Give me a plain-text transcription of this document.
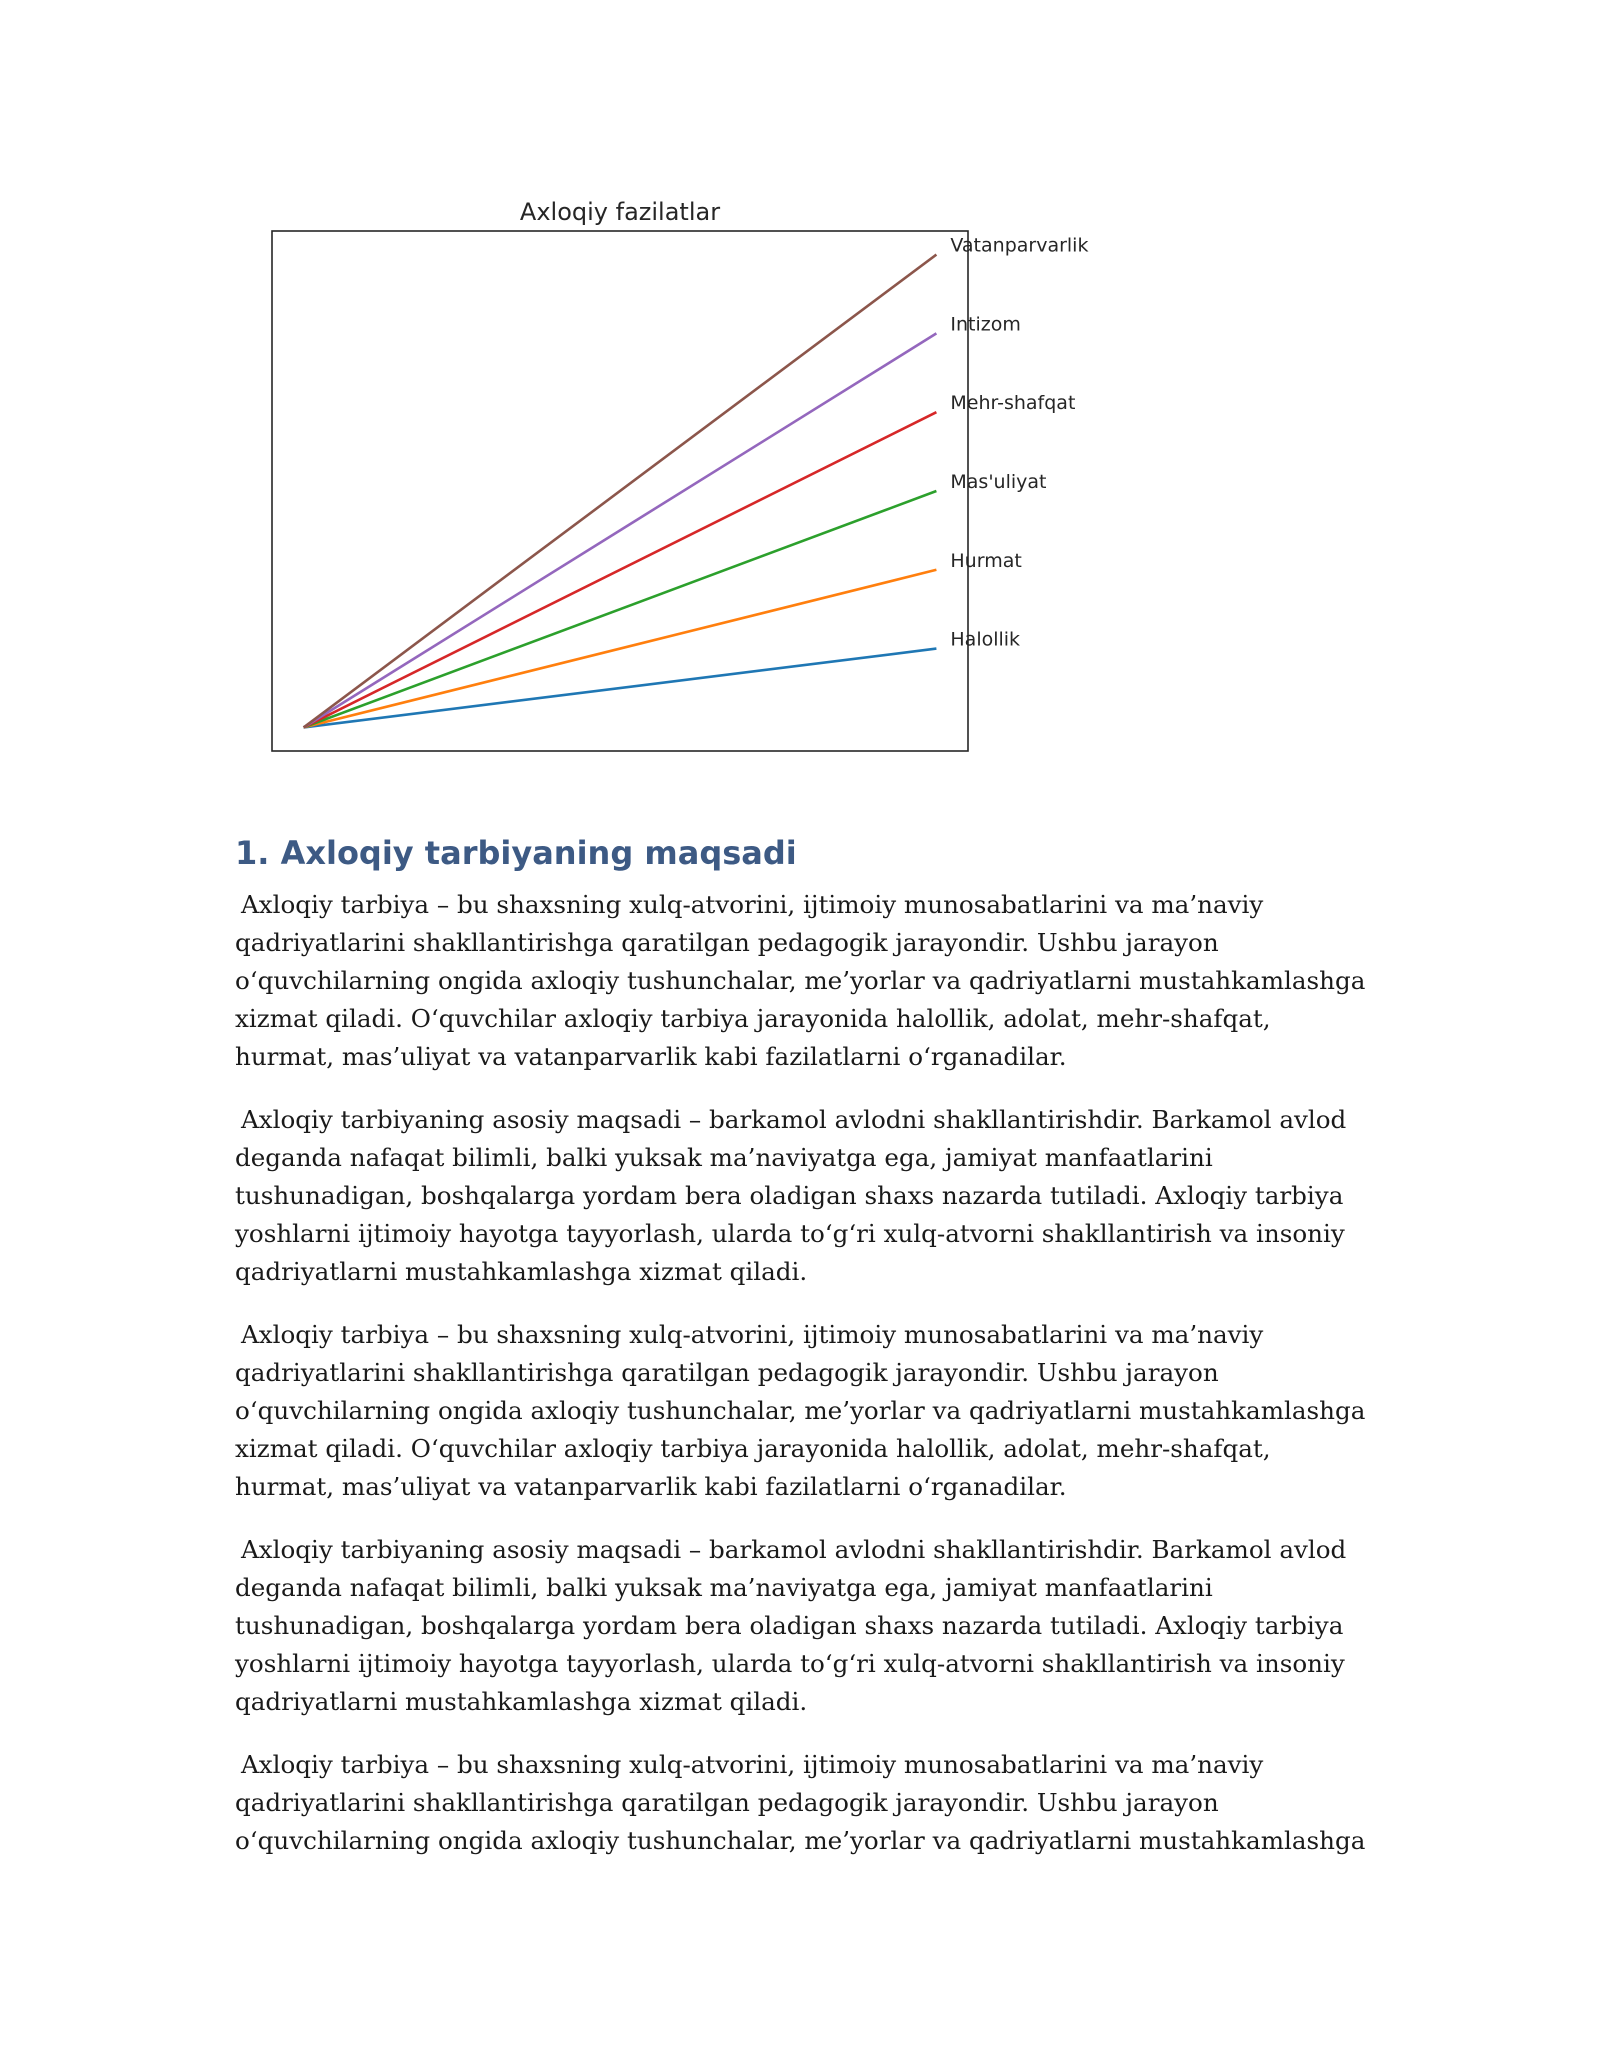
Axloqiy fazilatlar
Halollik
Hurmat
Mas'uliyat
Mehr-shafqat
Intizom
Vatanparvarlik
1. Axloqiy tarbiyaning maqsadi

Axloqiy tarbiya – bu shaxsning xulq-atvorini, ijtimoiy munosabatlarini va ma’naviy qadriyatlarini shakllantirishga qaratilgan pedagogik jarayondir. Ushbu jarayon o‘quvchilarning ongida axloqiy tushunchalar, me’yorlar va qadriyatlarni mustahkamlashga xizmat qiladi. O‘quvchilar axloqiy tarbiya jarayonida halollik, adolat, mehr-shafqat, hurmat, mas’uliyat va vatanparvarlik kabi fazilatlarni o‘rganadilar.

Axloqiy tarbiyaning asosiy maqsadi – barkamol avlodni shakllantirishdir. Barkamol avlod deganda nafaqat bilimli, balki yuksak ma’naviyatga ega, jamiyat manfaatlarini tushunadigan, boshqalarga yordam bera oladigan shaxs nazarda tutiladi. Axloqiy tarbiya yoshlarni ijtimoiy hayotga tayyorlash, ularda to‘g‘ri xulq-atvorni shakllantirish va insoniy qadriyatlarni mustahkamlashga xizmat qiladi.

Axloqiy tarbiya – bu shaxsning xulq-atvorini, ijtimoiy munosabatlarini va ma’naviy qadriyatlarini shakllantirishga qaratilgan pedagogik jarayondir. Ushbu jarayon o‘quvchilarning ongida axloqiy tushunchalar, me’yorlar va qadriyatlarni mustahkamlashga xizmat qiladi. O‘quvchilar axloqiy tarbiya jarayonida halollik, adolat, mehr-shafqat, hurmat, mas’uliyat va vatanparvarlik kabi fazilatlarni o‘rganadilar.

Axloqiy tarbiyaning asosiy maqsadi – barkamol avlodni shakllantirishdir. Barkamol avlod deganda nafaqat bilimli, balki yuksak ma’naviyatga ega, jamiyat manfaatlarini tushunadigan, boshqalarga yordam bera oladigan shaxs nazarda tutiladi. Axloqiy tarbiya yoshlarni ijtimoiy hayotga tayyorlash, ularda to‘g‘ri xulq-atvorni shakllantirish va insoniy qadriyatlarni mustahkamlashga xizmat qiladi.

Axloqiy tarbiya – bu shaxsning xulq-atvorini, ijtimoiy munosabatlarini va ma’naviy qadriyatlarini shakllantirishga qaratilgan pedagogik jarayondir. Ushbu jarayon o‘quvchilarning ongida axloqiy tushunchalar, me’yorlar va qadriyatlarni mustahkamlashga
